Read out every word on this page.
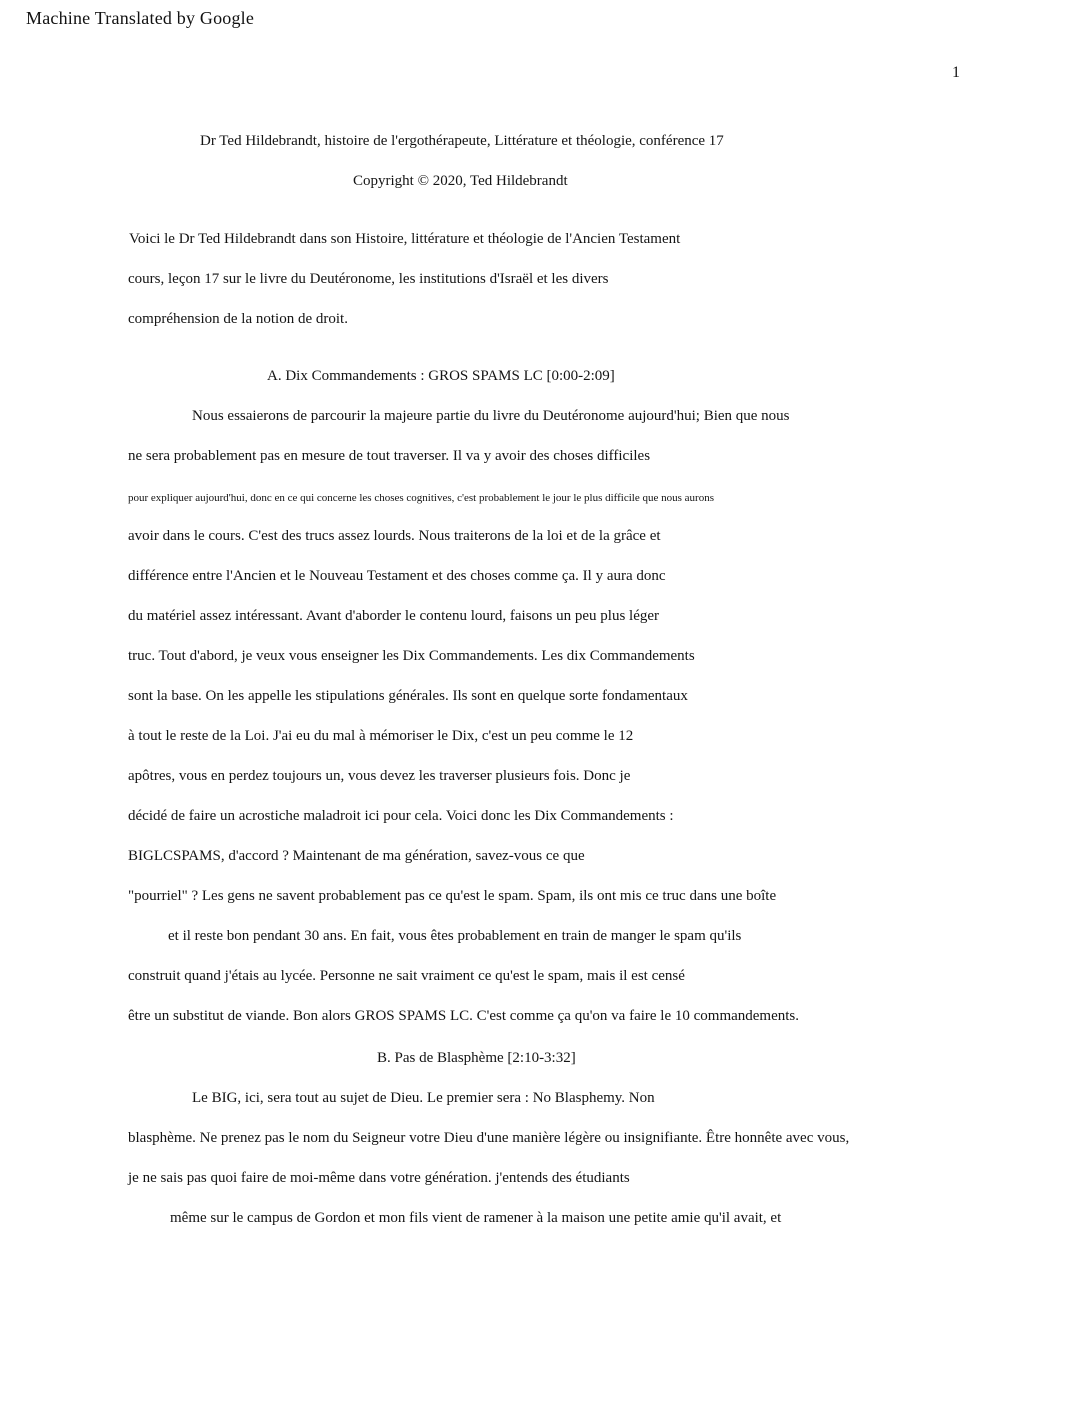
Machine Translated by Google
1
Dr Ted Hildebrandt, histoire de l'ergothérapeute, Littérature et théologie, conférence 17
Copyright © 2020, Ted Hildebrandt
Voici le Dr Ted Hildebrandt dans son Histoire, littérature et théologie de l'Ancien Testament
cours, leçon 17 sur le livre du Deutéronome, les institutions d'Israël et les divers
compréhension de la notion de droit.
A. Dix Commandements : GROS SPAMS LC [0:00-2:09]
Nous essaierons de parcourir la majeure partie du livre du Deutéronome aujourd'hui; Bien que nous
ne sera probablement pas en mesure de tout traverser. Il va y avoir des choses difficiles
pour expliquer aujourd'hui, donc en ce qui concerne les choses cognitives, c'est probablement le jour le plus difficile que nous aurons
avoir dans le cours. C'est des trucs assez lourds. Nous traiterons de la loi et de la grâce et
différence entre l'Ancien et le Nouveau Testament et des choses comme ça. Il y aura donc
du matériel assez intéressant. Avant d'aborder le contenu lourd, faisons un peu plus léger
truc. Tout d'abord, je veux vous enseigner les Dix Commandements. Les dix Commandements
sont la base. On les appelle les stipulations générales. Ils sont en quelque sorte fondamentaux
à tout le reste de la Loi. J'ai eu du mal à mémoriser le Dix, c'est un peu comme le 12
apôtres, vous en perdez toujours un, vous devez les traverser plusieurs fois. Donc je
décidé de faire un acrostiche maladroit ici pour cela. Voici donc les Dix Commandements :
BIGLCSPAMS, d'accord ? Maintenant de ma génération, savez-vous ce que
"pourriel" ? Les gens ne savent probablement pas ce qu'est le spam. Spam, ils ont mis ce truc dans une boîte
et il reste bon pendant 30 ans. En fait, vous êtes probablement en train de manger le spam qu'ils
construit quand j'étais au lycée. Personne ne sait vraiment ce qu'est le spam, mais il est censé
être un substitut de viande. Bon alors GROS SPAMS LC. C'est comme ça qu'on va faire le 10 commandements.
B. Pas de Blasphème [2:10-3:32]
Le BIG, ici, sera tout au sujet de Dieu. Le premier sera : No Blasphemy. Non
blasphème. Ne prenez pas le nom du Seigneur votre Dieu d'une manière légère ou insignifiante. Être honnête avec vous,
je ne sais pas quoi faire de moi-même dans votre génération. j'entends des étudiants
même sur le campus de Gordon et mon fils vient de ramener à la maison une petite amie qu'il avait, et
